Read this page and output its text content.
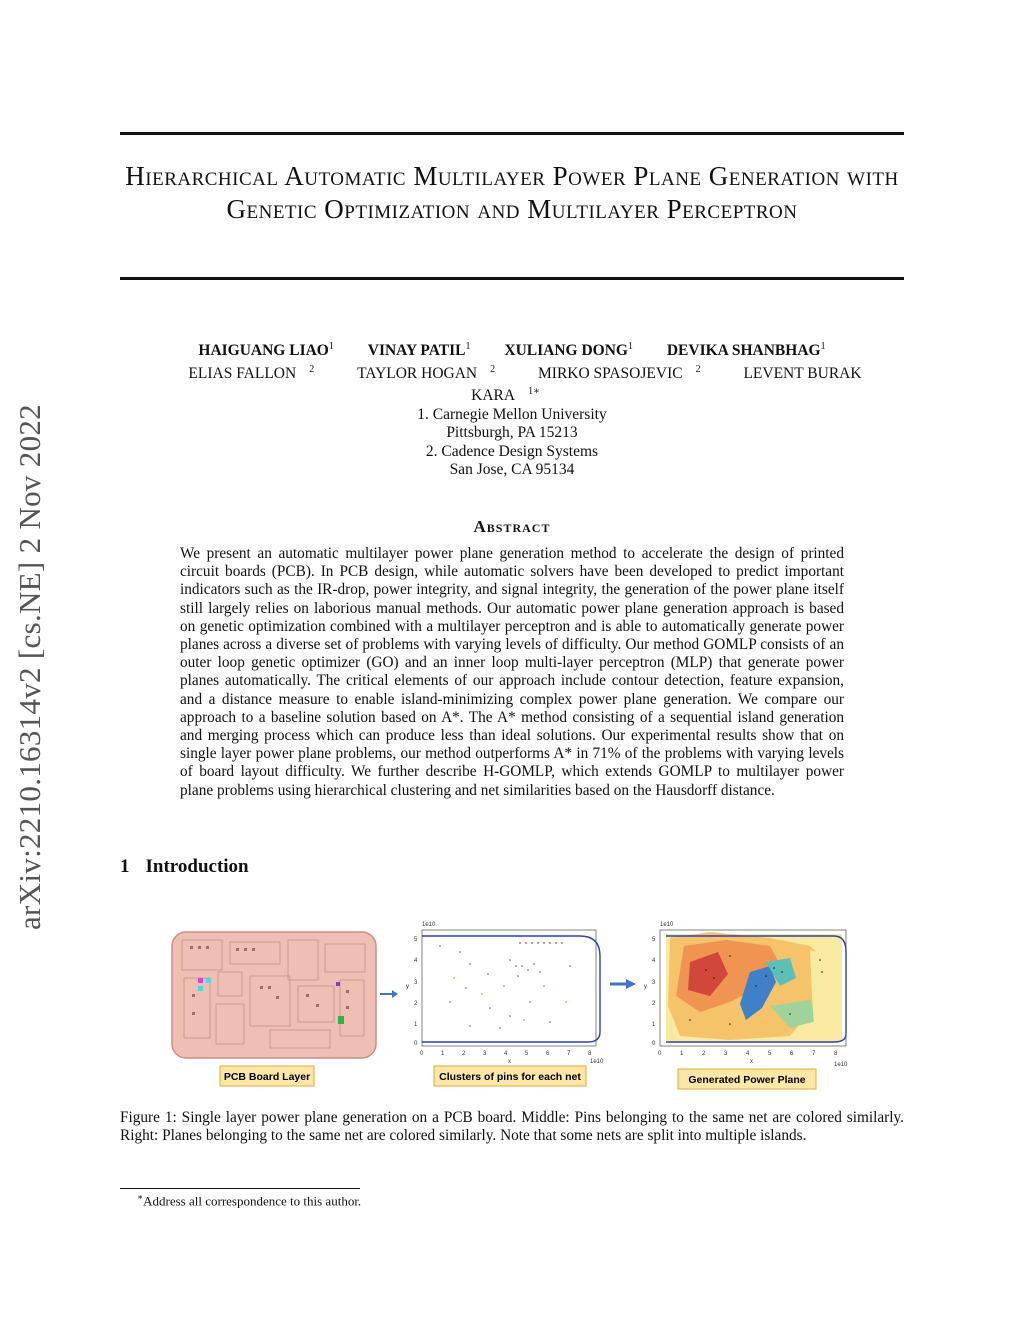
Hierarchical Automatic Multilayer Power Plane Generation with Genetic Optimization and Multilayer Perceptron
arXiv:2210.16314v2 [cs.NE] 2 Nov 2022
HAIGUANG LIAO$^1$ VINAY PATIL$^1$ XULIANG DONG$^1$ DEVIKA SHANBHAG$^1$
ELIAS FALLON $^2$	TAYLOR HOGAN $^2$	MIRKO SPASOJEVIC $^2$	LEVENT BURAK KARA $^{1∗}$
1. Carnegie Mellon University
Pittsburgh, PA 15213
2. Cadence Design Systems
San Jose, CA 95134
Abstract
We present an automatic multilayer power plane generation method to accelerate the design of printed circuit boards (PCB). In PCB design, while automatic solvers have been developed to predict important indicators such as the IR-drop, power integrity, and signal integrity, the generation of the power plane itself still largely relies on laborious manual methods. Our automatic power plane generation approach is based on genetic optimization combined with a multilayer perceptron and is able to automatically generate power planes across a diverse set of problems with varying levels of difficulty. Our method GOMLP consists of an outer loop genetic optimizer (GO) and an inner loop multi-layer perceptron (MLP) that generate power planes automatically. The critical elements of our approach include contour detection, feature expansion, and a distance measure to enable island-minimizing complex power plane generation. We compare our approach to a baseline solution based on A*. The A* method consisting of a sequential island generation and merging process which can produce less than ideal solutions. Our experimental results show that on single layer power plane problems, our method outperforms A* in 71% of the problems with varying levels of board layout difficulty. We further describe H-GOMLP, which extends GOMLP to multilayer power plane problems using hierarchical clustering and net similarities based on the Hausdorff distance.
1 Introduction
1e10
0
1
2
3
4
5
y
0	1	2	3	4	5	6	7	8
x	1e10
1e10
0
1
2
3
4
5
y
0	1	2	3	4	5	6	7	8
x	1e10
PCB Board Layer	Clusters of pins for each net	Generated Power Plane
Figure 1: Single layer power plane generation on a PCB board. Middle: Pins belonging to the same net are colored similarly. Right: Planes belonging to the same net are colored similarly. Note that some nets are split into multiple islands.
∗Address all correspondence to this author.
